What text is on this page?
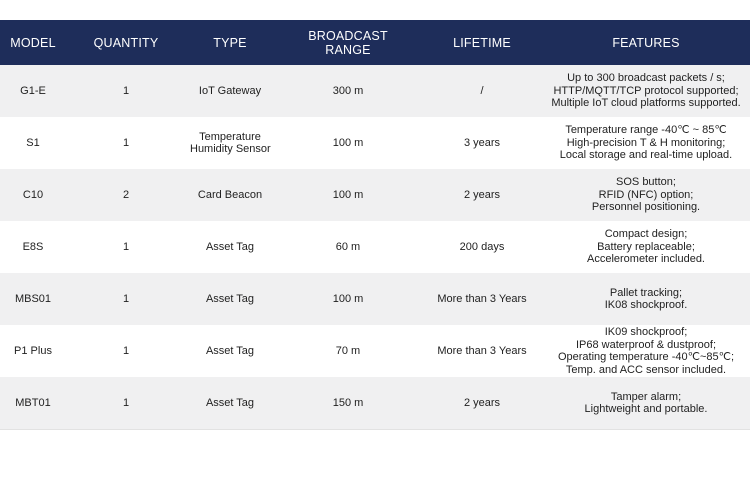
MODEL	QUANTITY	TYPE	BROADCAST
RANGE	LIFETIME	FEATURES
G1-E	1	IoT Gateway	300 m	/	Up to 300 broadcast packets / s;
HTTP/MQTT/TCP protocol supported;
Multiple IoT cloud platforms supported.

S1	1	Temperature
Humidity Sensor	100 m	3 years	Temperature range -40℃ ~ 85℃
High-precision T & H monitoring;
Local storage and real-time upload.

C10	2	Card Beacon	100 m	2 years	SOS button;
RFID (NFC) option;
Personnel positioning.

E8S	1	Asset Tag	60 m	200 days	Compact design;
Battery replaceable;
Accelerometer included.

MBS01	1	Asset Tag	100 m	More than 3 Years	Pallet tracking;
IK08 shockproof.

P1 Plus	1	Asset Tag	70 m	More than 3 Years	IK09 shockproof;
IP68 waterproof & dustproof;
Operating temperature -40℃~85℃;
Temp. and ACC sensor included.

MBT01	1	Asset Tag	150 m	2 years	Tamper alarm;
Lightweight and portable.
